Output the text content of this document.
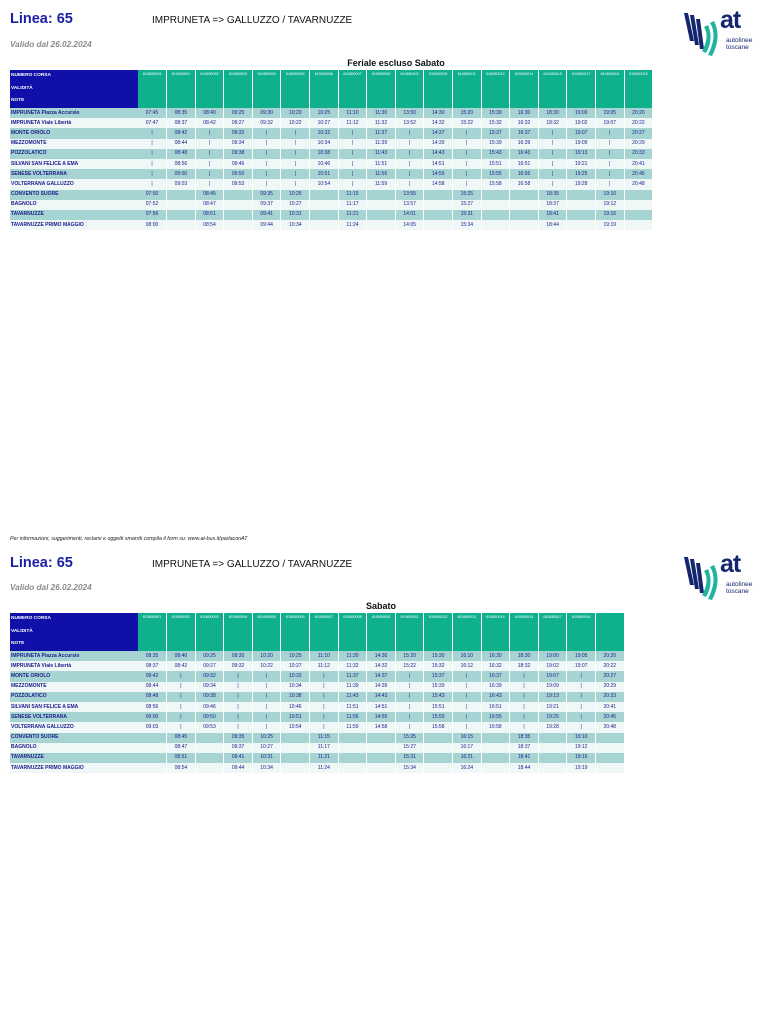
Linea: 65	IMPRUNETA => GALLUZZO / TAVARNUZZE
Valido dal 26.02.2024
at
autolinee
toscane
Feriale escluso Sabato
NUMERO CORSA	610650039	610650001	610650052	610650003	610650004	610650005	610650006	610650007	610650008	610650041	610650009	610650011	610650012	610650014	610650015	610650017	610650018	610650016
VALIDITÀ																		
NOTE																		
IMPRUNETA Piazza Accursio	07:45	08:35	08:40	09:25	09:30	10:20	10:25	11:10	11:30	13:50	14:30	15:20	15:30	16:30	18:30	19:00	19:05	20:20
IMPRUNETA Viale Libertà	07:47	08:37	08:42	09:27	09:32	10:22	10:27	11:12	11:32	13:52	14:32	15:22	15:32	16:32	18:32	19:02	19:07	20:22
MONTE ORIOLO	|	08:42	|	09:32	|	|	10:32	|	11:37	|	14:37	|	15:37	16:37	|	19:07	|	20:27
MEZZOMONTE	|	08:44	|	09:34	|	|	10:34	|	11:39	|	14:39	|	15:39	16:39	|	19:09	|	20:29
POZZOLATICO	|	08:48	|	09:38	|	|	10:38	|	11:43	|	14:43	|	15:43	16:43	|	19:13	|	20:33
SILVANI SAN FELICE A EMA	|	08:56	|	09:46	|	|	10:46	|	11:51	|	14:51	|	15:51	16:51	|	19:21	|	20:41
SENESE VOLTERRANA	|	09:00	|	09:50	|	|	10:51	|	11:56	|	14:55	|	15:55	16:55	|	19:25	|	20:45
VOLTERRANA GALLUZZO	|	09:03	|	09:53	|	|	10:54	|	11:59	|	14:58	|	15:58	16:58	|	19:28	|	20:48
CONVENTO SUORE	07:50		08:45		09:35	10:25		11:15		13:55		15:25			18:35		19:10	
BAGNOLO	07:52		08:47		09:37	10:27		11:17		13:57		15:27			18:37		19:12	
TAVARNUZZE	07:56		08:51		09:41	10:31		11:21		14:01		15:31			18:41		19:16	
TAVARNUZZE PRIMO MAGGIO	08:00		08:54		09:44	10:34		11:24		14:05		15:34			18:44		19:19	
Per informazioni, suggerimenti, reclami e oggetti smarriti compila il form su: www.at-bus.it/parlaconAT
Linea: 65	IMPRUNETA => GALLUZZO / TAVARNUZZE
Valido dal 26.02.2024
at
autolinee
toscane
Sabato
NUMERO CORSA	610650001	610650002	610650003	610650004	610650005	610650006	610650007	610650008	610650009	610650011	610650012	610650013	610650014	610650015	610650017	610650016	
VALIDITÀ																	
NOTE																	
IMPRUNETA Piazza Accursio	08:35	08:40	09:25	09:30	10:20	10:25	11:10	11:30	14:30	15:20	15:30	16:10	16:30	18:30	19:00	19:05	20:20
IMPRUNETA Viale Libertà	08:37	08:42	09:27	09:32	10:22	10:27	11:12	11:32	14:32	15:22	15:32	16:12	16:32	18:32	19:02	19:07	20:22
MONTE ORIOLO	08:42	|	09:32	|	|	10:32	|	11:37	14:37	|	15:37	|	16:37	|	19:07	|	20:27
MEZZOMONTE	08:44	|	09:34	|	|	10:34	|	11:39	14:39	|	15:39	|	16:39	|	19:09	|	20:29
POZZOLATICO	08:48	|	09:38	|	|	10:38	|	11:43	14:43	|	15:43	|	16:43	|	19:13	|	20:33
SILVANI SAN FELICE A EMA	08:56	|	09:46	|	|	10:46	|	11:51	14:51	|	15:51	|	16:51	|	19:21	|	20:41
SENESE VOLTERRANA	09:00	|	09:50	|	|	10:51	|	11:56	14:55	|	15:55	|	16:55	|	19:25	|	20:45
VOLTERRANA GALLUZZO	09:03	|	09:53	|	|	10:54	|	11:59	14:58	|	15:58	|	16:58	|	19:28	|	20:48
CONVENTO SUORE		08:45		09:35	10:25		11:15			15:25		16:15		18:35		19:10	
BAGNOLO		08:47		09:37	10:27		11:17			15:27		16:17		18:37		19:12	
TAVARNUZZE		08:51		09:41	10:31		11:21			15:31		16:21		18:41		19:16	
TAVARNUZZE PRIMO MAGGIO		08:54		09:44	10:34		11:24			15:34		16:24		18:44		19:19	
